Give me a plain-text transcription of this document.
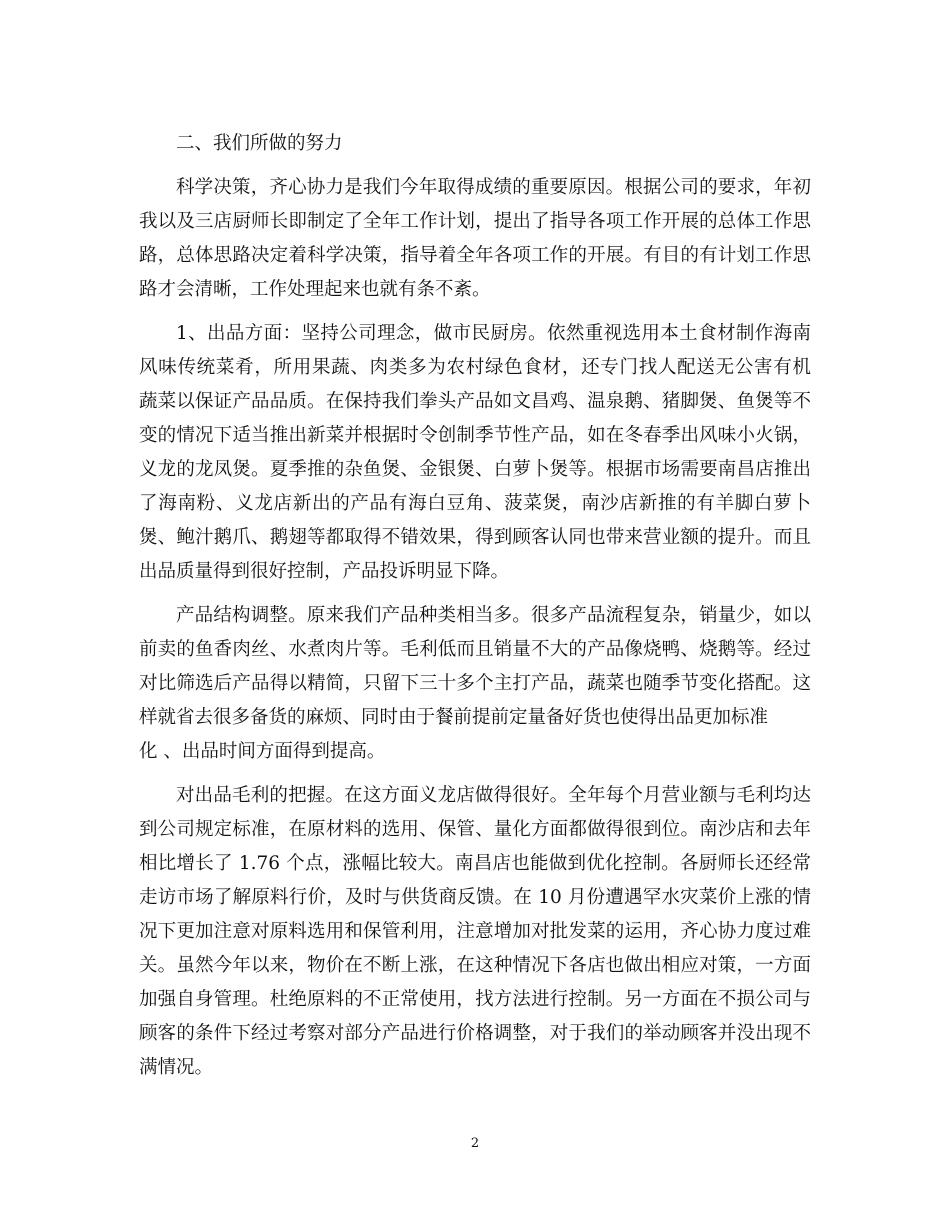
二、我们所做的努力

科学决策，齐心协力是我们今年取得成绩的重要原因。根据公司的要求，年初
我以及三店厨师长即制定了全年工作计划，提出了指导各项工作开展的总体工作思
路，总体思路决定着科学决策，指导着全年各项工作的开展。有目的有计划工作思
路才会清晰，工作处理起来也就有条不紊。

1、出品方面：坚持公司理念，做市民厨房。依然重视选用本土食材制作海南
风味传统菜肴，所用果蔬、肉类多为农村绿色食材，还专门找人配送无公害有机
蔬菜以保证产品品质。在保持我们拳头产品如文昌鸡、温泉鹅、猪脚煲、鱼煲等不
变的情况下适当推出新菜并根据时令创制季节性产品，如在冬春季出风味小火锅，
义龙的龙凤煲。夏季推的杂鱼煲、金银煲、白萝卜煲等。根据市场需要南昌店推出
了海南粉、义龙店新出的产品有海白豆角、菠菜煲，南沙店新推的有羊脚白萝卜
煲、鲍汁鹅爪、鹅翅等都取得不错效果，得到顾客认同也带来营业额的提升。而且
出品质量得到很好控制，产品投诉明显下降。

产品结构调整。原来我们产品种类相当多。很多产品流程复杂，销量少，如以
前卖的鱼香肉丝、水煮肉片等。毛利低而且销量不大的产品像烧鸭、烧鹅等。经过
对比筛选后产品得以精简，只留下三十多个主打产品，蔬菜也随季节变化搭配。这
样就省去很多备货的麻烦、同时由于餐前提前定量备好货也使得出品更加标准
化 、出品时间方面得到提高。

对出品毛利的把握。在这方面义龙店做得很好。全年每个月营业额与毛利均达
到公司规定标准，在原材料的选用、保管、量化方面都做得很到位。南沙店和去年
相比增长了 1.76 个点，涨幅比较大。南昌店也能做到优化控制。各厨师长还经常
走访市场了解原料行价，及时与供货商反馈。在 10 月份遭遇罕水灾菜价上涨的情
况下更加注意对原料选用和保管利用，注意增加对批发菜的运用，齐心协力度过难
关。虽然今年以来，物价在不断上涨，在这种情况下各店也做出相应对策，一方面
加强自身管理。杜绝原料的不正常使用，找方法进行控制。另一方面在不损公司与
顾客的条件下经过考察对部分产品进行价格调整，对于我们的举动顾客并没出现不
满情况。

2
